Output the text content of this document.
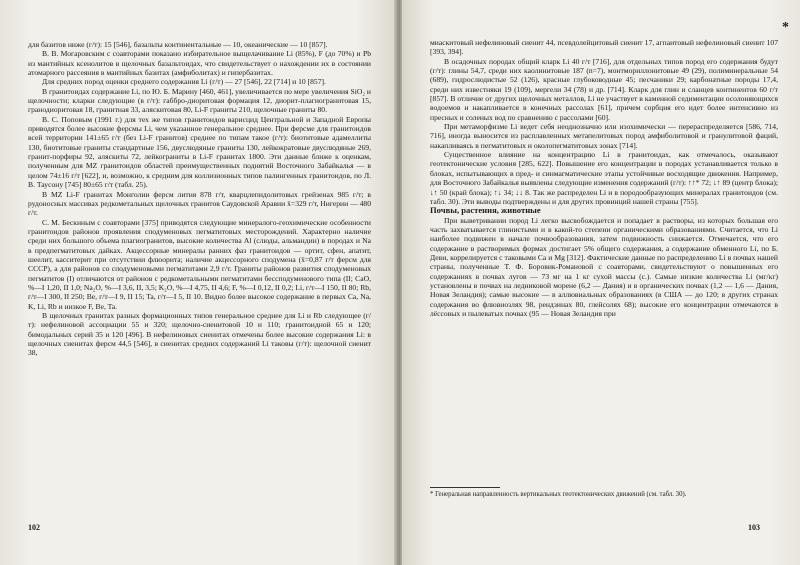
для базитов ниже (г/т): 15 [546], базальты континентальные — 10, океанические — 10 [857].

В. В. Могаровским с соавторами показано избирательное выщелачивание Li (85%), F (до 70%) и Pb из мантийных ксенолитов в щелочных базальтоидах, что свидетельствует о нахождении их в состоянии атомарного рассеяния в мантийных базитах (амфиболитах) и гипербазитах.

Для средних пород оценки среднего содержания Li (г/т) — 27 [546], 22 [714] и 10 [857].

В гранитоидах содержание Li, по Ю. Б. Марину [460, 461], увеличивается по мере увеличения SiO₂ и щелочности; кларки следующие (в г/т): габбро-диоритовая формация 12, диорит-плагиогранитовая 15, гранодиоритовая 18, гранитная 33, аляскитовая 80, Li-F граниты 210, щелочные граниты 80.

В. С. Поповым (1991 г.) для тех же типов гранитоидов варисцид Центральной и Западной Европы приводятся более высокие ферсмы Li, чем указанное генеральное среднее. При ферсме для гранитоидов всей территории 141±65 г/т (без Li-F гранитов) среднее по типам такое (г/т): биотитовые адамеллиты 130, биотитовые граниты стандартные 156, двуслюдяные граниты 130, лейкократовые двуслюдяные 269, гранит-порфиры 92, аляскиты 72, лейкограниты в Li-F гранитах 1800. Эти данные ближе к оценкам, полученным для MZ гранитоидов областей преимущественных поднятий Восточного Забайкалья — в целом 74±16 г/т [622], и, возможно, к средним для коллизионных типов палингенных гранитоидов, по Л. В. Таусону [745] 80±65 г/т (табл. 25).

В MZ Li-F гранитах Монголии ферсм лития 878 г/т, кварцлепидолитовых грейзенах 985 г/т; в рудоносных массивах редкометальных щелочных гранитов Саудовской Аравии x̄=329 г/т, Нигерии — 480 г/т.

С. М. Бескиным с соавторами [375] приводятся следующие минералого-геохимические особенности гранитоидов районов проявления сподуменовых пегматитовых месторождений. Характерно наличие среди них большого объема плагиогранитов, высокие количества Al (слюды, альмандин) в породах и Na в предпегматитовых дайках. Акцессорные минералы ранних фаз гранитоидов — ортит, сфен, апатит, шеелит, касситерит при отсутствии флюорита; наличие акцессорного сподумена (x̄=0,87 г/т ферсм для СССР), а для районов со сподуменовыми пегматитами 2,9 г/т. Граниты районов развития сподуменовых пегматитов (I) отличаются от районов с редкометальными пегматитами бессподуменового типа (II; CaO, %—I 1,20, II 1,0; Na₂O, %—I 3,6, II, 3,5; K₂O, %—I 4,75, II 4,6; F, %—I 0,12, II 0,2; Li, г/т—I 150, II 80; Rb, г/т—I 300, II 250; Be, г/т—I 9, II 15; Ta, г/т—I 5, II 10. Видно более высокое содержание в первых Ca, Na, K, Li, Rb и низкое F, Be, Ta.

В щелочных гранитах разных формационных типов генеральное среднее для Li и Rb следующее (г/т): нефелиновой ассоциации 55 и 320; щелочно-сиенитовой 10 и 110; гранитоидной 65 и 120; бимодальных серий 35 и 120 [496]. В нефелиновых сиенитах отмечены более высокие содержания Li: в щелочных сиенитах ферсм 44,5 [546], в сиенитах средних содержаний Li таковы (г/т): щелочной сиенит 38,

102
*

миаскитовый нефелиновый сиенит 44, псевдолейцитовый сиенит 17, агпаитовый нефелиновый сиенит 107 [393, 394].

В осадочных породах общий кларк Li 40 г/т [716], для отдельных типов пород его содержания будут (г/т): глины 54,7, среди них каолинитовые 187 (n=7), монтмориллонитовые 49 (29), полиминеральные 54 (689), гидрослюдистые 52 (126), красные глубоководные 45; песчаники 29; карбонатные породы 17,4, среди них известняки 19 (109), мергели 34 (78) и др. [714]. Кларк для глин и сланцев континентов 60 г/т [857]. В отличие от других щелочных металлов, Li не участвует в каменной седиментации осолоняющихся водоемов и накапливается в конечных рассолах [61], причем сорбция его идет более интенсивно из пресных и соленых вод по сравнению с рассолами [60].

При метаморфизме Li ведет себя неоднозначно или изохимически — перераспределяется [586, 714, 716], иногда выносится из расплавленных метапелитовых пород амфиболитовой и гранулитовой фаций, накапливаясь в пегматитовых и околопегматитовых зонах [714].

Существенное влияние на концентрацию Li в гранитоидах, как отмечалось, оказывают геотектонические условия [285, 622]. Повышение его концентрации в породах устанавливается только в блоках, испытывающих в пред- и синмагматические этапы устойчивые восходящие движения. Например, для Восточного Забайкалья выявлены следующие изменения содержаний (г/т): ↑↑* 72; ↓↑ 89 (центр блока); ↓↑ 50 (край блока); ↑↓ 34; ↓↓ 8. Так же распределен Li и в породообразующих минералах гранитоидов (см. табл. 30). Эти выводы подтверждены и для других провинций нашей страны [755].

Почвы, растения, животные

При выветривании пород Li легко высвобождается и попадает в растворы, из которых большая его часть захватывается глинистыми и в какой-то степени органическими образованиями. Считается, что Li наиболее подвижен в начале почвообразования, затем подвижность снижается. Отмечается, что его содержание в растворимых формах достигает 5% общего содержания, а содержание обменного Li, по Б. Деви, коррелируется с таковыми Ca и Mg [312]. Фактические данные по распределению Li в почвах нашей страны, полученные Т. Ф. Боровик-Романовой с соавторами, свидетельствуют о повышенных его содержаниях в почвах лугов — 73 мг на 1 кг сухой массы (с.). Самые низкие количества Li (мг/кг) установлены в почвах на ледниковой морене (6,2 — Дания) и в органических почвах (1,2 — 1,6 — Дания, Новая Зеландия); самые высокие — в аллювиальных образованиях (в США — до 120; в других странах содержания во флювиозлях 98, рендзинах 80, глейсолях 68); высокие его концентрации отмечаются в лёссовых и пылеватых почвах (95 — Новая Зеландия при

* Генеральная направленность вертикальных геотектонических движений (см. табл. 30).
103
